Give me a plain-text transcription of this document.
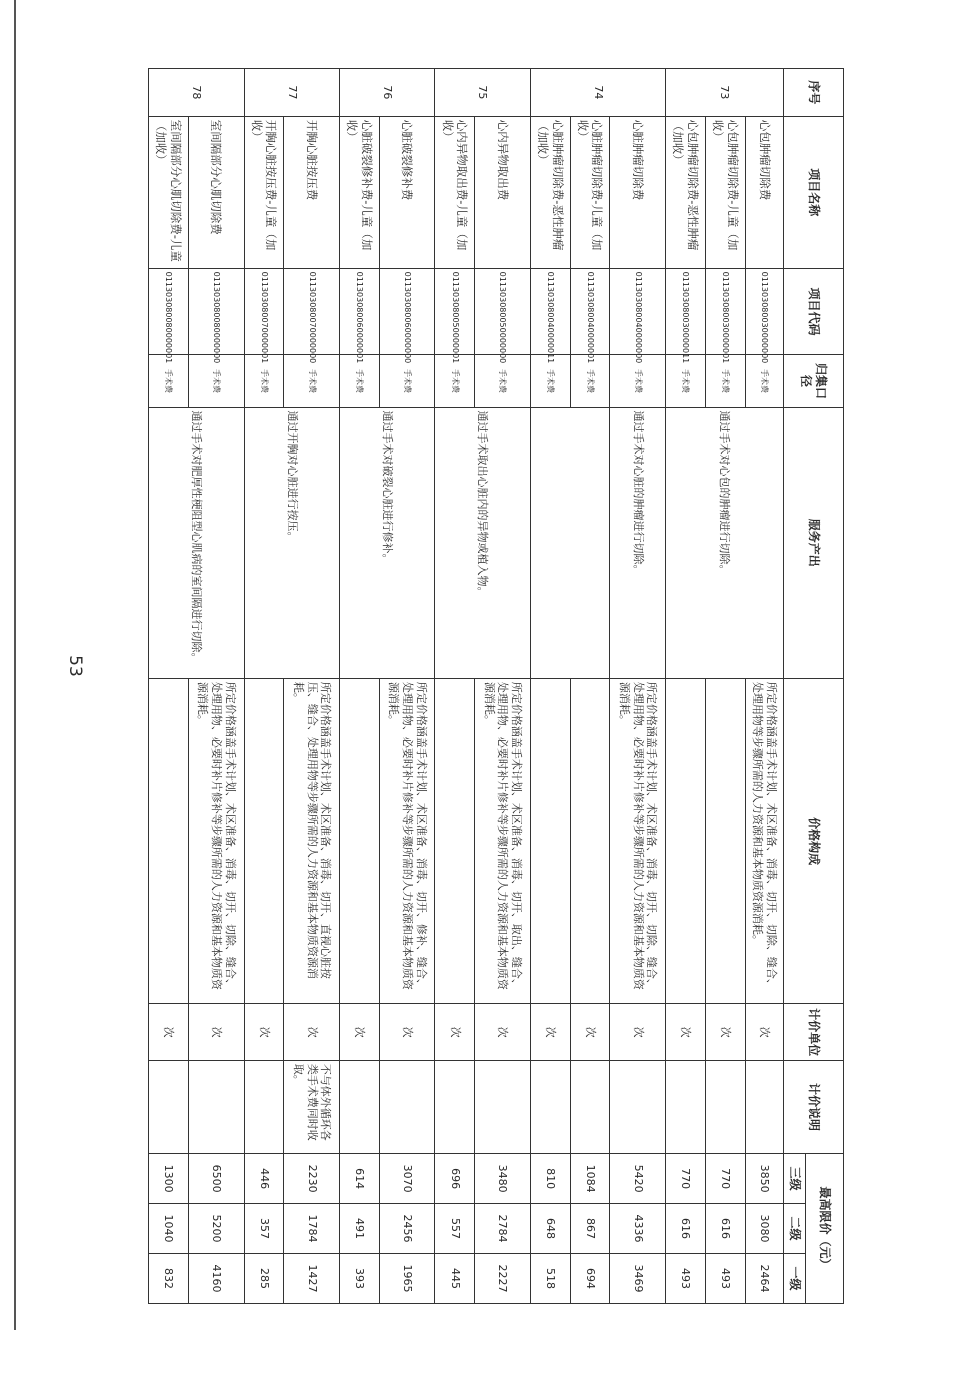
序号	项目名称	项目代码	归集口径	服务产出	价格构成	计价单位	计价说明	最高限价（元）		
								三级	二级	一级
73	心包肿瘤切除费	011303080030000000	手术费	通过手术对心包的肿瘤进行切除。	所定价格涵盖手术计划、术区准备、消毒、切开、切除、缝合、处理用物等步骤所需的人力资源和基本物质资源消耗。	次		3850	3080	2464
	心包肿瘤切除费-儿童（加收）	011303080030000001	手术费			次		770	616	493
	心包肿瘤切除费-恶性肿瘤（加收）	011303080030000011	手术费			次		770	616	493
74	心脏肿瘤切除费	011303080040000000	手术费	通过手术对心脏的肿瘤进行切除。	所定价格涵盖手术计划、术区准备、消毒、切开、切除、缝合、处理用物、必要时补片修补等步骤所需的人力资源和基本物质资源消耗。	次		5420	4336	3469
	心脏肿瘤切除费-儿童（加收）	011303080040000001	手术费			次		1084	867	694
	心脏肿瘤切除费-恶性肿瘤（加收）	011303080040000011	手术费			次		810	648	518
75	心内异物取出费	011303080050000000	手术费	通过手术取出心脏内的异物或植入物。	所定价格涵盖手术计划、术区准备、消毒、切开、取出、缝合、处理用物、必要时补片修补等步骤所需的人力资源和基本物质资源消耗。	次		3480	2784	2227
	心内异物取出费-儿童（加收）	011303080050000001	手术费			次		696	557	445
76	心脏破裂修补费	011303080060000000	手术费	通过手术对破裂心脏进行修补。	所定价格涵盖手术计划、术区准备、消毒、切开、修补、缝合、处理用物、必要时补片修补等步骤所需的人力资源和基本物质资源消耗。	次		3070	2456	1965
	心脏破裂修补费-儿童（加收）	011303080060000001	手术费			次		614	491	393
77	开胸心脏按压费	011303080070000000	手术费	通过开胸对心脏进行按压。	所定价格涵盖手术计划、术区准备、消毒、切开、直视心脏按压、缝合、处理用物等步骤所需的人力资源和基本物质资源消耗。	次	不与体外循环各类手术费同时收取。	2230	1784	1427
	开胸心脏按压费-儿童（加收）	011303080070000001	手术费			次		446	357	285
78	室间隔部分心肌切除费	011303080080000000	手术费	通过手术对肥厚性梗阻型心肌病的室间隔进行切除。	所定价格涵盖手术计划、术区准备、消毒、切开、切除、缝合、处理用物、必要时补片修补等步骤所需的人力资源和基本物质资源消耗。	次		6500	5200	4160
	室间隔部分心肌切除费-儿童（加收）	011303080080000001	手术费			次		1300	1040	832
53
